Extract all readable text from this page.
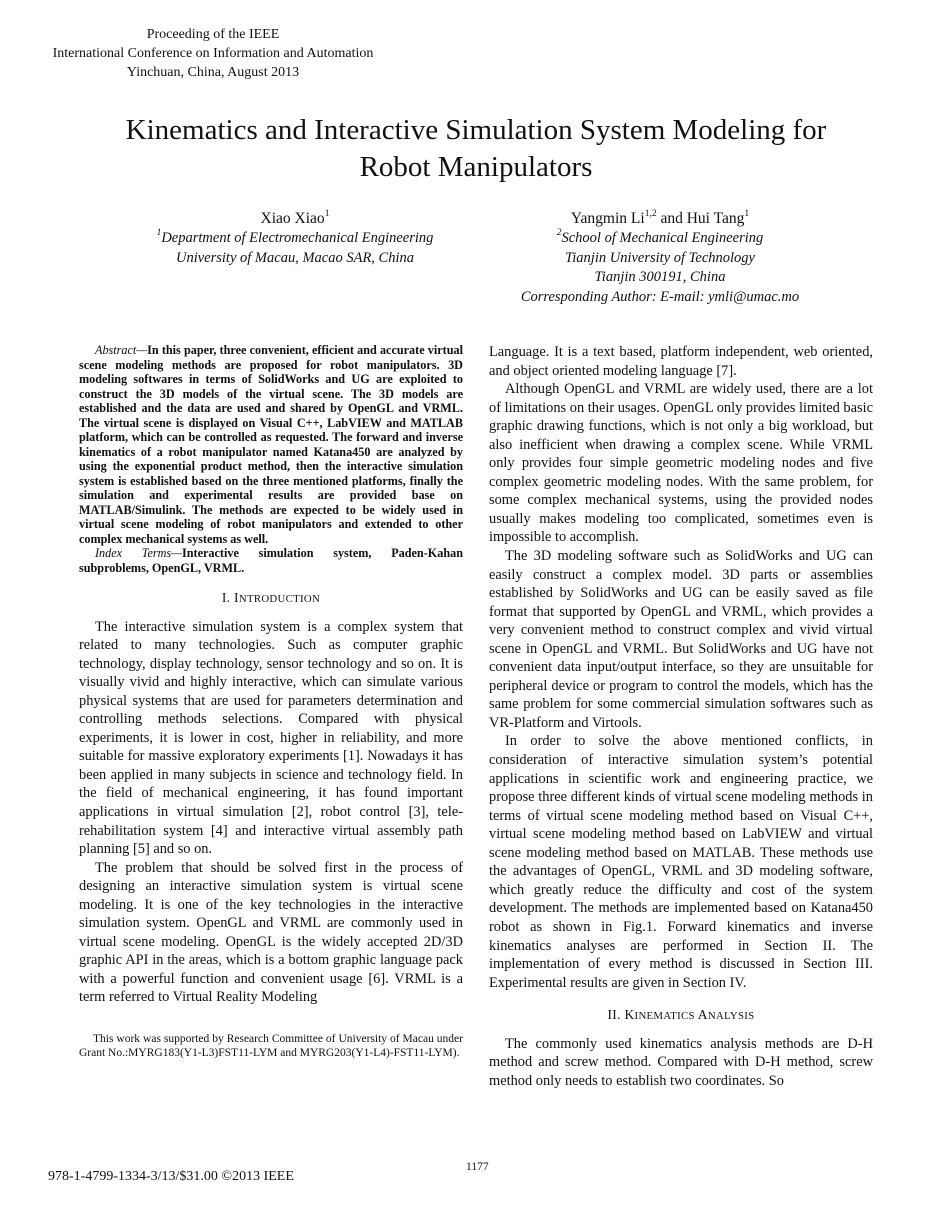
Proceeding of the IEEE
International Conference on Information and Automation
Yinchuan, China, August 2013
Kinematics and Interactive Simulation System Modeling for
Robot Manipulators
Xiao Xiao$^1$
$^1$Department of Electromechanical Engineering
University of Macau, Macao SAR, China
Yangmin Li$^{1,2}$ and Hui Tang$^1$
$^2$School of Mechanical Engineering
Tianjin University of Technology
Tianjin 300191, China
Corresponding Author: E-mail: ymli@umac.mo

Abstract—In this paper, three convenient, efficient and accurate virtual scene modeling methods are proposed for robot manipulators. 3D modeling softwares in terms of SolidWorks and UG are exploited to construct the 3D models of the virtual scene. The 3D models are established and the data are used and shared by OpenGL and VRML. The virtual scene is displayed on Visual C++, LabVIEW and MATLAB platform, which can be controlled as requested. The forward and inverse kinematics of a robot manipulator named Katana450 are analyzed by using the exponential product method, then the interactive simulation system is established based on the three mentioned platforms, finally the simulation and experimental results are provided base on MATLAB/Simulink. The methods are expected to be widely used in virtual scene modeling of robot manipulators and extended to other complex mechanical systems as well.

Index Terms—Interactive simulation system, Paden-Kahan subproblems, OpenGL, VRML.

I. INTRODUCTION

The interactive simulation system is a complex system that related to many technologies. Such as computer graphic technology, display technology, sensor technology and so on. It is visually vivid and highly interactive, which can simulate various physical systems that are used for parameters determination and controlling methods selections. Compared with physical experiments, it is lower in cost, higher in reliability, and more suitable for massive exploratory experiments [1]. Nowadays it has been applied in many subjects in science and technology field. In the field of mechanical engineering, it has found important applications in virtual simulation [2], robot control [3], tele-rehabilitation system [4] and interactive virtual assembly path planning [5] and so on.

The problem that should be solved first in the process of designing an interactive simulation system is virtual scene modeling. It is one of the key technologies in the interactive simulation system. OpenGL and VRML are commonly used in virtual scene modeling. OpenGL is the widely accepted 2D/3D graphic API in the areas, which is a bottom graphic language pack with a powerful function and convenient usage [6]. VRML is a term referred to Virtual Reality Modeling

This work was supported by Research Committee of University of Macau under Grant No.:MYRG183(Y1-L3)FST11-LYM and MYRG203(Y1-L4)-FST11-LYM).

Language. It is a text based, platform independent, web oriented, and object oriented modeling language [7].

Although OpenGL and VRML are widely used, there are a lot of limitations on their usages. OpenGL only provides limited basic graphic drawing functions, which is not only a big workload, but also inefficient when drawing a complex scene. While VRML only provides four simple geometric modeling nodes and five complex geometric modeling nodes. With the same problem, for some complex mechanical systems, using the provided nodes usually makes modeling too complicated, sometimes even is impossible to accomplish.

The 3D modeling software such as SolidWorks and UG can easily construct a complex model. 3D parts or assemblies established by SolidWorks and UG can be easily saved as file format that supported by OpenGL and VRML, which provides a very convenient method to construct complex and vivid virtual scene in OpenGL and VRML. But SolidWorks and UG have not convenient data input/output interface, so they are unsuitable for peripheral device or program to control the models, which has the same problem for some commercial simulation softwares such as VR-Platform and Virtools.

In order to solve the above mentioned conflicts, in consideration of interactive simulation system’s potential applications in scientific work and engineering practice, we propose three different kinds of virtual scene modeling methods in terms of virtual scene modeling method based on Visual C++, virtual scene modeling method based on LabVIEW and virtual scene modeling method based on MATLAB. These methods use the advantages of OpenGL, VRML and 3D modeling software, which greatly reduce the difficulty and cost of the system development. The methods are implemented based on Katana450 robot as shown in Fig.1. Forward kinematics and inverse kinematics analyses are performed in Section II. The implementation of every method is discussed in Section III. Experimental results are given in Section IV.

II. KINEMATICS ANALYSIS

The commonly used kinematics analysis methods are D-H method and screw method. Compared with D-H method, screw method only needs to establish two coordinates. So

978-1-4799-1334-3/13/$31.00 ©2013 IEEE
1177
